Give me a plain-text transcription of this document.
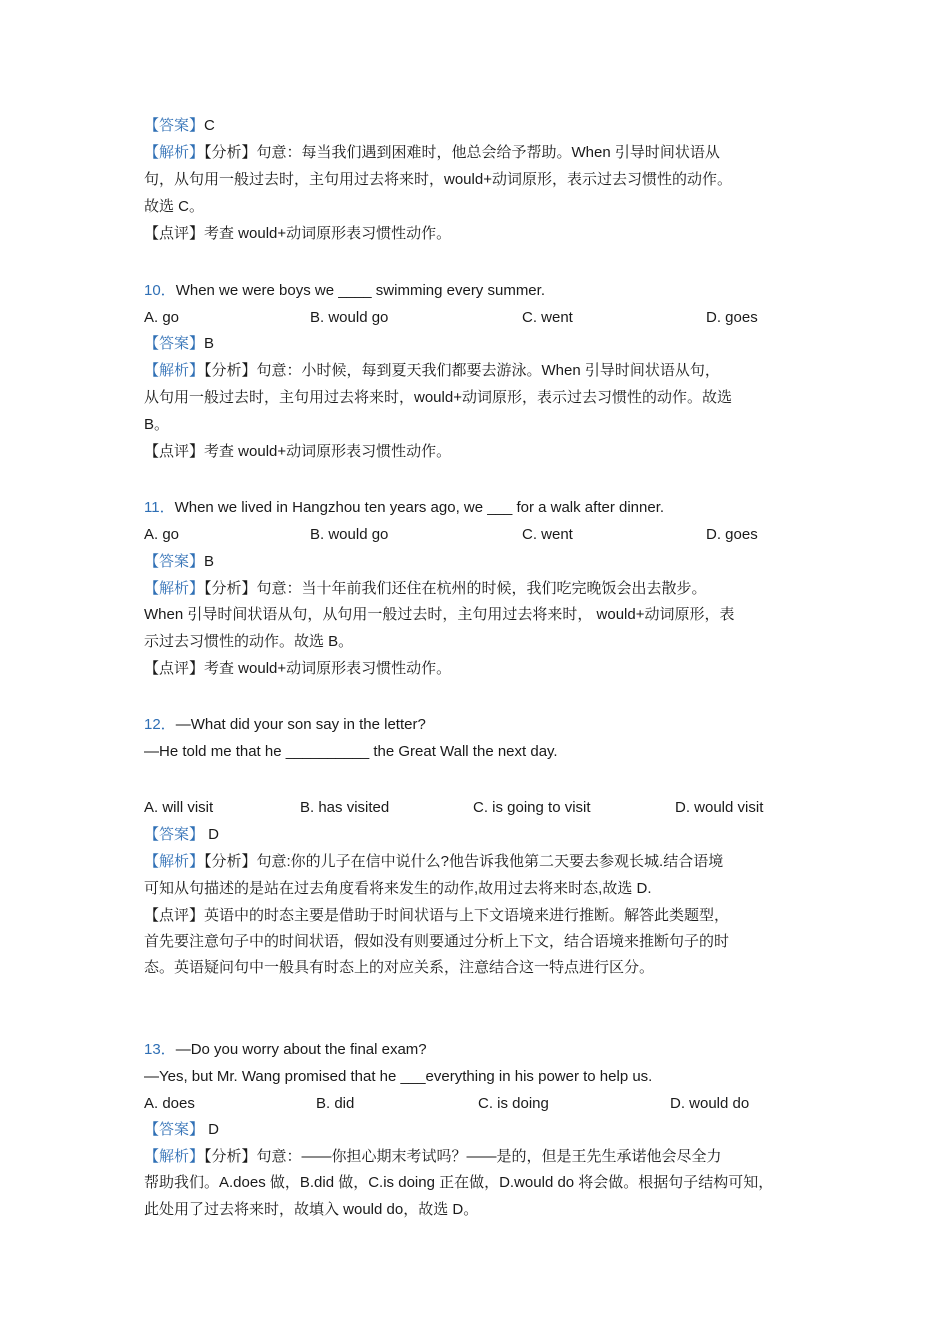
【答案】C
【解析】【分析】句意：每当我们遇到困难时，他总会给予帮助。When 引导时间状语从
句，从句用一般过去时，主句用过去将来时，would+动词原形，表示过去习惯性的动作。
故选 C。
【点评】考查 would+动词原形表习惯性动作。
10．When we were boys we ____ swimming every summer.
A. go	B. would go	C. went	D. goes
【答案】B
【解析】【分析】句意：小时候，每到夏天我们都要去游泳。When 引导时间状语从句，
从句用一般过去时，主句用过去将来时，would+动词原形，表示过去习惯性的动作。故选
B。
【点评】考查 would+动词原形表习惯性动作。
11．When we lived in Hangzhou ten years ago, we ___ for a walk after dinner.
A. go	B. would go	C. went	D. goes
【答案】B
【解析】【分析】句意：当十年前我们还住在杭州的时候，我们吃完晚饭会出去散步。
When 引导时间状语从句，从句用一般过去时，主句用过去将来时， would+动词原形，表
示过去习惯性的动作。故选 B。
【点评】考查 would+动词原形表习惯性动作。
12．—What did your son say in the letter?
—He told me that he __________ the Great Wall the next day.
A. will visit	B. has visited	C. is going to visit	D. would visit
【答案】 D
【解析】【分析】句意:你的儿子在信中说什么?他告诉我他第二天要去参观长城.结合语境
可知从句描述的是站在过去角度看将来发生的动作,故用过去将来时态,故选 D.
【点评】英语中的时态主要是借助于时间状语与上下文语境来进行推断。解答此类题型，
首先要注意句子中的时间状语，假如没有则要通过分析上下文，结合语境来推断句子的时
态。英语疑问句中一般具有时态上的对应关系，注意结合这一特点进行区分。
13．—Do you worry about the final exam?
—Yes, but Mr. Wang promised that he ___everything in his power to help us.
A. does	B. did	C. is doing	D. would do
【答案】 D
【解析】【分析】句意：——你担心期末考试吗？——是的，但是王先生承诺他会尽全力
帮助我们。A.does 做，B.did 做，C.is doing 正在做，D.would do 将会做。根据句子结构可知，
此处用了过去将来时，故填入 would do，故选 D。
